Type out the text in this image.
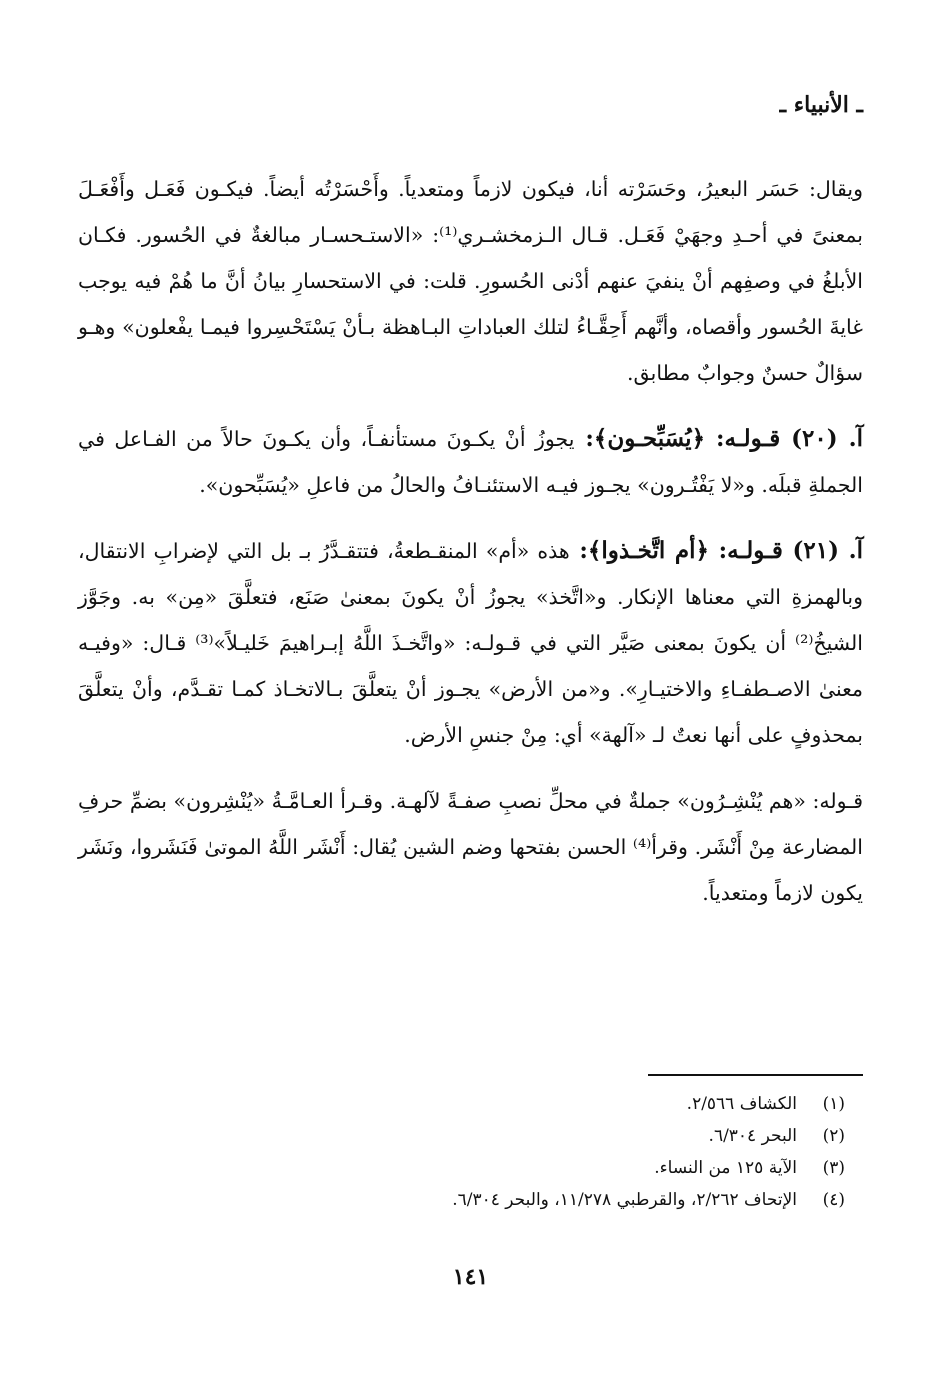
ـ الأنبياء ـ

ويقال: حَسَر البعيرُ، وحَسَرْته أنا، فيكون لازماً ومتعدياً. وأَحْسَرْتُه أيضاً. فيكـون فَعَـل وأَفْعَـلَ بمعنىً في أحـدِ وجهَيْ فَعَـل. قـال الـزمخشـري⁽¹⁾: «الاستـحسـار مبالغةٌ في الحُسور. فكـان الأبلغُ في وصفِهم أنْ ينفيَ عنهم أدْنى الحُسورِ. قلت: في الاستحسارِ بيانُ أنَّ ما هُمْ فيه يوجب غايةَ الحُسور وأقصاه، وأنَّهم أَحِقَّـاءُ لتلك العباداتِ البـاهظة بـأنْ يَسْتَحْسِروا فيمـا يفْعلون» وهـو سؤالٌ حسنٌ وجوابٌ مطابق.

آ. (٢٠) قـولـه: ﴿يُسَبِّحـون﴾: يجوزُ أنْ يكـونَ مستأنفـاً، وأن يكـونَ حالاً من الفـاعل في الجملةِ قبلَه. و«لا يَفْتُـرون» يجـوز فيـه الاستئنـافُ والحالُ من فاعلِ «يُسَبِّحون».

آ. (٢١) قـولـه: ﴿أم اتَّخـذوا﴾: هذه «أم» المنقـطعةُ، فتتقـدَّرُ بـ بل التي لإضرابِ الانتقال، وبالهمزةِ التي معناها الإنكار. و«اتَّخذ» يجوزُ أنْ يكونَ بمعنىٰ صَنَع، فتعلَّقَ «مِن» به. وجَوَّز الشيخُ⁽²⁾ أن يكونَ بمعنى صَيَّر التي في قـولـه: «واتَّخـذَ اللَّهُ إبـراهيمَ خَليـلاً»⁽³⁾ قـال: «وفيـه معنىٰ الاصـطفـاءِ والاختيـارِ». و«من الأرض» يجـوز أنْ يتعلَّقَ بـالاتخـاذ كمـا تقـدَّم، وأنْ يتعلَّقَ بمحذوفٍ على أنها نعتٌ لـ «آلهة» أي: مِنْ جنسِ الأرض.

قـوله: «هم يُنْشِـرُون» جملةٌ في محلِّ نصبِ صفـةً لآلهـة. وقـرأ العـامَّـةُ «يُنْشِرون» بضمِّ حرفِ المضارعة مِنْ أَنْشَر. وقرأ⁽⁴⁾ الحسن بفتحها وضم الشين يُقال: أَنْشَر اللَّهُ الموتىٰ فَنَشَروا، ونَشَر يكون لازماً ومتعدياً.

(١)
الكشاف ٢/٥٦٦.
(٢)
البحر ٦/٣٠٤.
(٣)
الآية ١٢٥ من النساء.
(٤)
الإتحاف ٢/٢٦٢، والقرطبي ١١/٢٧٨، والبحر ٦/٣٠٤.
١٤١
